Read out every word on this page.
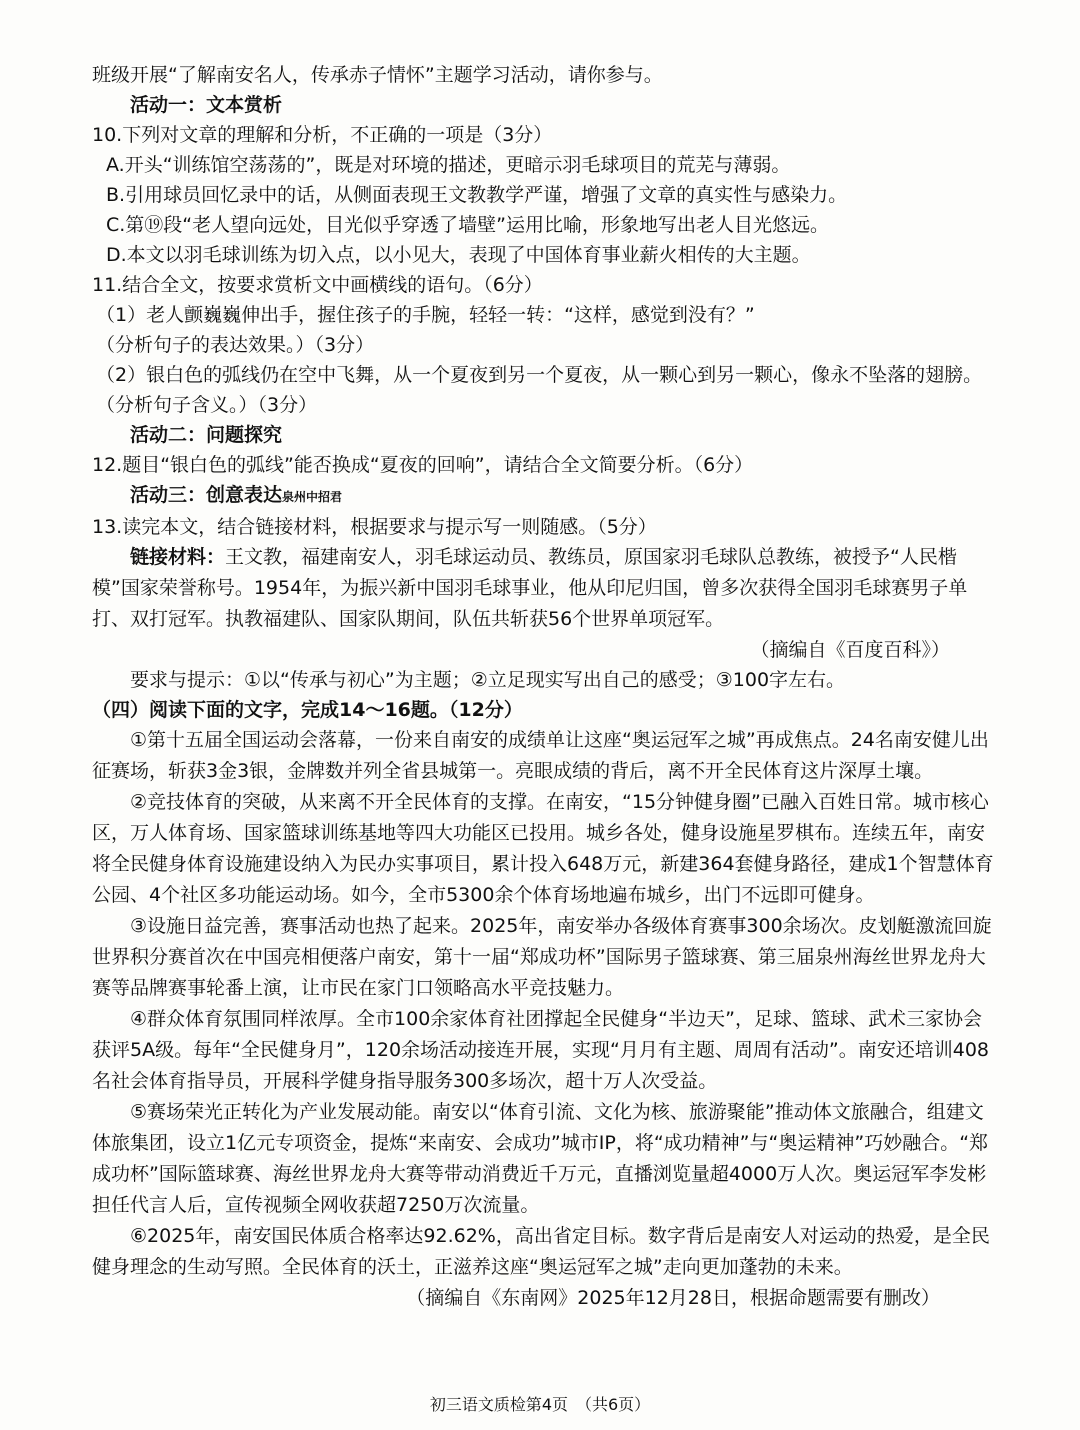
班级开展“了解南安名人，传承赤子情怀”主题学习活动，请你参与。

活动一：文本赏析

10.下列对文章的理解和分析，不正确的一项是（3分）

A.开头“训练馆空荡荡的”，既是对环境的描述，更暗示羽毛球项目的荒芜与薄弱。

B.引用球员回忆录中的话，从侧面表现王文教教学严谨，增强了文章的真实性与感染力。

C.第⑲段“老人望向远处，目光似乎穿透了墙壁”运用比喻，形象地写出老人目光悠远。

D.本文以羽毛球训练为切入点，以小见大，表现了中国体育事业薪火相传的大主题。

11.结合全文，按要求赏析文中画横线的语句。（6分）

（1）老人颤巍巍伸出手，握住孩子的手腕，轻轻一转：“这样，感觉到没有？”

（分析句子的表达效果。）（3分）

（2）银白色的弧线仍在空中飞舞，从一个夏夜到另一个夏夜，从一颗心到另一颗心，像永不坠落的翅膀。

（分析句子含义。）（3分）

活动二：问题探究

12.题目“银白色的弧线”能否换成“夏夜的回响”，请结合全文简要分析。（6分）

活动三：创意表达泉州中招君

13.读完本文，结合链接材料，根据要求与提示写一则随感。（5分）

链接材料：王文教，福建南安人，羽毛球运动员、教练员，原国家羽毛球队总教练，被授予“人民楷模”国家荣誉称号。1954年，为振兴新中国羽毛球事业，他从印尼归国，曾多次获得全国羽毛球赛男子单打、双打冠军。执教福建队、国家队期间，队伍共斩获56个世界单项冠军。

（摘编自《百度百科》）

要求与提示：①以“传承与初心”为主题；②立足现实写出自己的感受；③100字左右。

（四）阅读下面的文字，完成14～16题。（12分）

①第十五届全国运动会落幕，一份来自南安的成绩单让这座“奥运冠军之城”再成焦点。24名南安健儿出征赛场，斩获3金3银，金牌数并列全省县城第一。亮眼成绩的背后，离不开全民体育这片深厚土壤。

②竞技体育的突破，从来离不开全民体育的支撑。在南安，“15分钟健身圈”已融入百姓日常。城市核心区，万人体育场、国家篮球训练基地等四大功能区已投用。城乡各处，健身设施星罗棋布。连续五年，南安将全民健身体育设施建设纳入为民办实事项目，累计投入648万元，新建364套健身路径，建成1个智慧体育公园、4个社区多功能运动场。如今，全市5300余个体育场地遍布城乡，出门不远即可健身。

③设施日益完善，赛事活动也热了起来。2025年，南安举办各级体育赛事300余场次。皮划艇激流回旋世界积分赛首次在中国亮相便落户南安，第十一届“郑成功杯”国际男子篮球赛、第三届泉州海丝世界龙舟大赛等品牌赛事轮番上演，让市民在家门口领略高水平竞技魅力。

④群众体育氛围同样浓厚。全市100余家体育社团撑起全民健身“半边天”，足球、篮球、武术三家协会获评5A级。每年“全民健身月”，120余场活动接连开展，实现“月月有主题、周周有活动”。南安还培训408名社会体育指导员，开展科学健身指导服务300多场次，超十万人次受益。

⑤赛场荣光正转化为产业发展动能。南安以“体育引流、文化为核、旅游聚能”推动体文旅融合，组建文体旅集团，设立1亿元专项资金，提炼“来南安、会成功”城市IP，将“成功精神”与“奥运精神”巧妙融合。“郑成功杯”国际篮球赛、海丝世界龙舟大赛等带动消费近千万元，直播浏览量超4000万人次。奥运冠军李发彬担任代言人后，宣传视频全网收获超7250万次流量。

⑥2025年，南安国民体质合格率达92.62%，高出省定目标。数字背后是南安人对运动的热爱，是全民健身理念的生动写照。全民体育的沃土，正滋养这座“奥运冠军之城”走向更加蓬勃的未来。

（摘编自《东南网》2025年12月28日，根据命题需要有删改）

初三语文质检第4页　（共6页）
